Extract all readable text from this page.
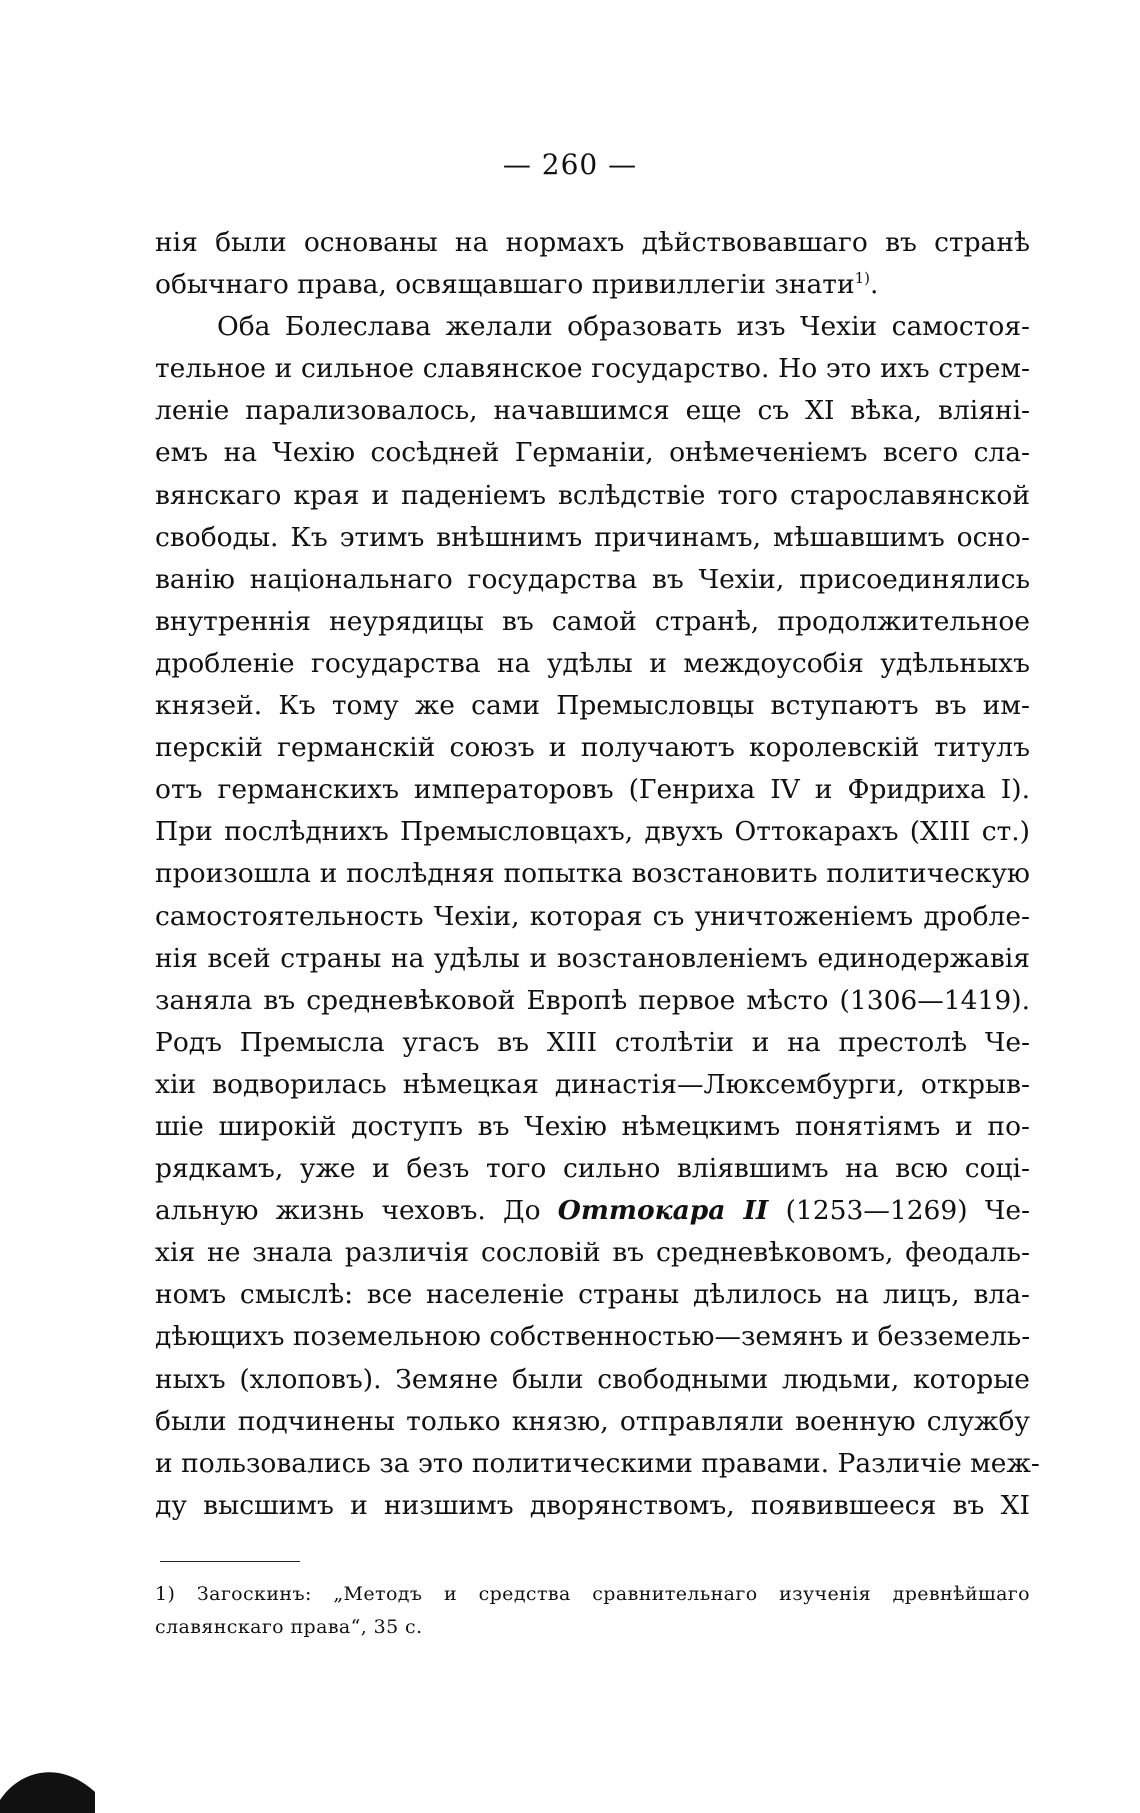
— 260 —
нія были основаны на нормахъ дѣйствовавшаго въ странѣ
обычнаго права, освящавшаго привиллегіи знати$^{1)}$.
Оба Болеслава желали образовать изъ Чехіи самостоя-
тельное и сильное славянское государство. Но это ихъ стрем-
леніе парализовалось, начавшимся еще съ XI вѣка, вліяні-
емъ на Чехію сосѣдней Германіи, онѣмеченіемъ всего сла-
вянскаго края и паденіемъ вслѣдствіе того старославянской
свободы. Къ этимъ внѣшнимъ причинамъ, мѣшавшимъ осно-
ванію національнаго государства въ Чехіи, присоединялись
внутреннія неурядицы въ самой странѣ, продолжительное
дробленіе государства на удѣлы и междоусобія удѣльныхъ
князей. Къ тому же сами Премысловцы вступаютъ въ им-
перскій германскій союзъ и получаютъ королевскій титулъ
отъ германскихъ императоровъ (Генриха IV и Фридриха I).
При послѣднихъ Премысловцахъ, двухъ Оттокарахъ (XIII ст.)
произошла и послѣдняя попытка возстановить политическую
самостоятельность Чехіи, которая съ уничтоженіемъ дробле-
нія всей страны на удѣлы и возстановленіемъ единодержавія
заняла въ средневѣковой Европѣ первое мѣсто (1306—1419).
Родъ Премысла угасъ въ XIII столѣтіи и на престолѣ Че-
хіи водворилась нѣмецкая династія—Люксембурги, открыв-
шіе широкій доступъ въ Чехію нѣмецкимъ понятіямъ и по-
рядкамъ, уже и безъ того сильно вліявшимъ на всю соці-
альную жизнь чеховъ. До Оттокара II (1253—1269) Че-
хія не знала различія сословій въ средневѣковомъ, феодаль-
номъ смыслѣ: все населеніе страны дѣлилось на лицъ, вла-
дѣющихъ поземельною собственностью—земянъ и безземель-
ныхъ (хлоповъ). Земяне были свободными людьми, которые
были подчинены только князю, отправляли военную службу
и пользовались за это политическими правами. Различіе меж-
ду высшимъ и низшимъ дворянствомъ, появившееся въ XI
1) Загоскинъ: „Методъ и средства сравнительнаго изученія древнѣйшаго
славянскаго права“, 35 с.
